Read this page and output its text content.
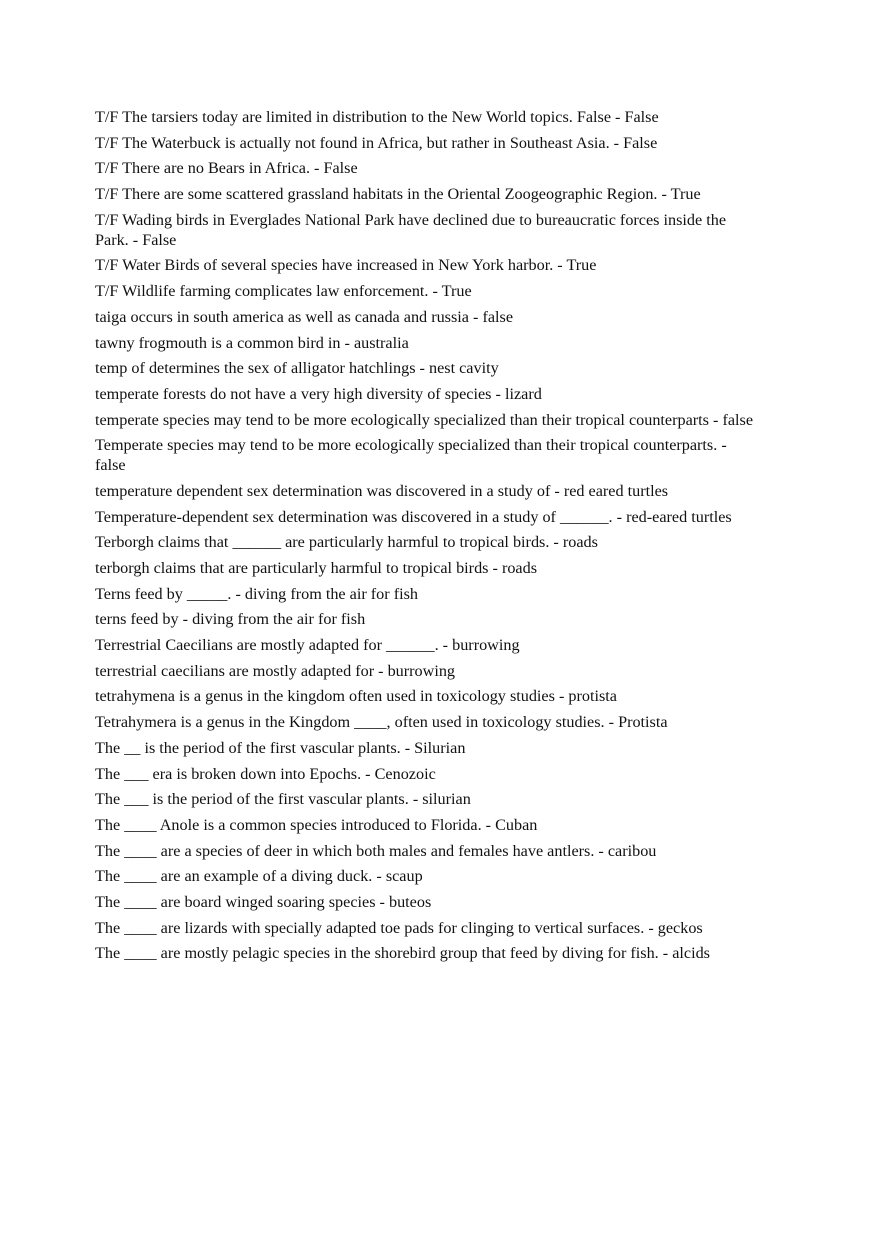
T/F The tarsiers today are limited in distribution to the New World topics. False - False

T/F The Waterbuck is actually not found in Africa, but rather in Southeast Asia. - False

T/F There are no Bears in Africa. - False

T/F There are some scattered grassland habitats in the Oriental Zoogeographic Region. - True

T/F Wading birds in Everglades National Park have declined due to bureaucratic forces inside the Park. - False

T/F Water Birds of several species have increased in New York harbor. - True

T/F Wildlife farming complicates law enforcement. - True

taiga occurs in south america as well as canada and russia - false

tawny frogmouth is a common bird in - australia

temp of determines the sex of alligator hatchlings - nest cavity

temperate forests do not have a very high diversity of species - lizard

temperate species may tend to be more ecologically specialized than their tropical counterparts - false

Temperate species may tend to be more ecologically specialized than their tropical counterparts. - false

temperature dependent sex determination was discovered in a study of - red eared turtles

Temperature-dependent sex determination was discovered in a study of ______. - red-eared turtles

Terborgh claims that ______ are particularly harmful to tropical birds. - roads

terborgh claims that are particularly harmful to tropical birds - roads

Terns feed by _____. - diving from the air for fish

terns feed by - diving from the air for fish

Terrestrial Caecilians are mostly adapted for ______. - burrowing

terrestrial caecilians are mostly adapted for - burrowing

tetrahymena is a genus in the kingdom often used in toxicology studies - protista

Tetrahymera is a genus in the Kingdom ____, often used in toxicology studies. - Protista

The __ is the period of the first vascular plants. - Silurian

The ___ era is broken down into Epochs. - Cenozoic

The ___ is the period of the first vascular plants. - silurian

The ____ Anole is a common species introduced to Florida. - Cuban

The ____ are a species of deer in which both males and females have antlers. - caribou

The ____ are an example of a diving duck. - scaup

The ____ are board winged soaring species - buteos

The ____ are lizards with specially adapted toe pads for clinging to vertical surfaces. - geckos

The ____ are mostly pelagic species in the shorebird group that feed by diving for fish. - alcids
